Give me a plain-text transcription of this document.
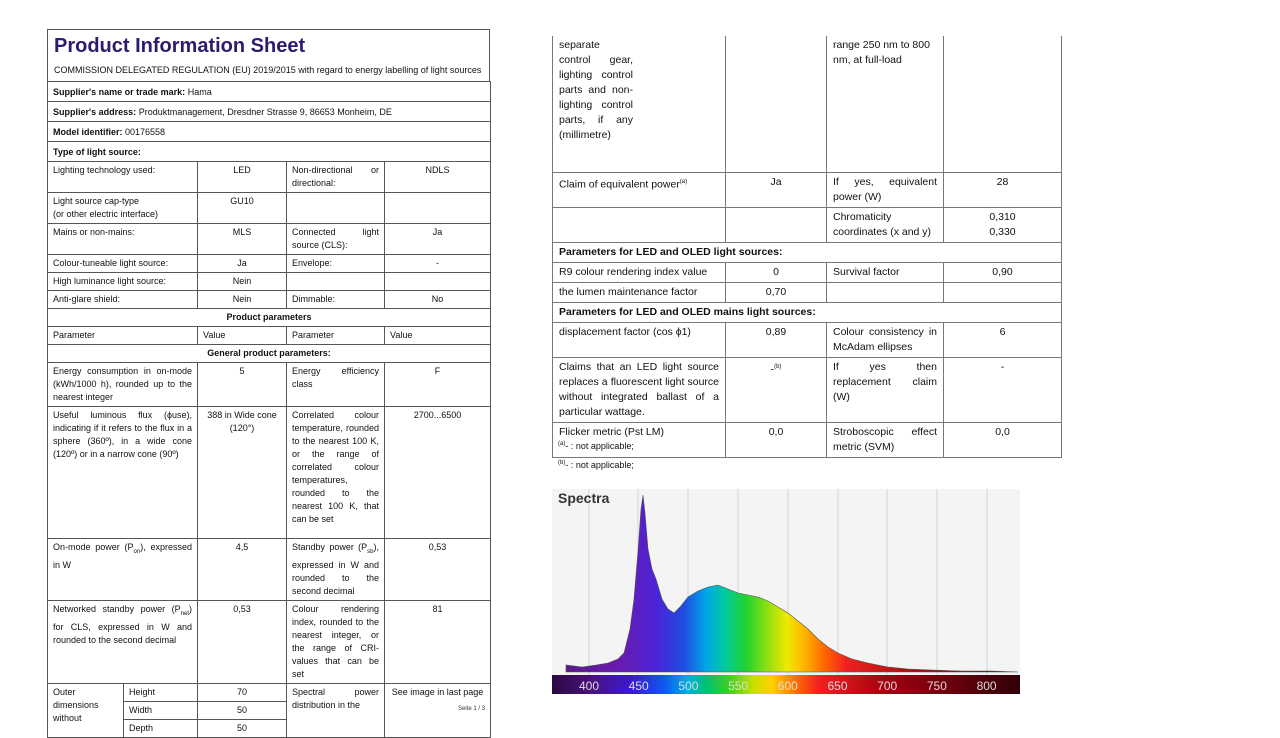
Product Information Sheet
COMMISSION DELEGATED REGULATION (EU) 2019/2015 with regard to energy labelling of light sources
Supplier's name or trade mark: Hama				
Supplier's address: Produktmanagement, Dresdner Strasse 9, 86653 Monheim, DE				
Model identifier: 00176558				
Type of light source:				
Lighting technology used:		LED	Non-directional or directional:	NDLS

Light source cap-type
(or other electric interface)		GU10		
Mains or non-mains:		MLS	Connected light source (CLS):	Ja
Colour-tuneable light source:		Ja	Envelope:	-
High luminance light source:		Nein		
Anti-glare shield:		Nein	Dimmable:	No
Product parameters				
Parameter		Value	Parameter	Value
General product parameters:				
Energy consumption in on-mode (kWh/1000 h), rounded up to the nearest integer		5	Energy efficiency class	F
Useful luminous flux (ϕuse), indicating if it refers to the flux in a sphere (360º), in a wide cone (120º) or in a narrow cone (90º)		388 in Wide cone (120°)	Correlated colour temperature, rounded to the nearest 100 K, or the range of correlated colour temperatures, rounded to the nearest 100 K, that can be set	2700...6500
On-mode power $(P_{on})$, expressed in W		4,5	Standby power $(P_{sb})$, expressed in W and rounded to the second decimal	0,53
Networked standby power $(P_{net})$ for CLS, expressed in W and rounded to the second decimal		0,53	Colour rendering index, rounded to the nearest integer, or the range of CRI-values that can be set	81
Outer dimensions without	Height	70	Spectral power distribution in the	See image in last page
	Width	50		
	Depth	50		
Seite 1 / 3
separate control gear, lighting control parts and non-lighting control parts, if any (millimetre)		range 250 nm to 800 nm, at full-load	
Claim of equivalent power$^{(a)}$	Ja	If yes, equivalent power (W)	28
		Chromaticity coordinates (x and y)	0,310
0,330

Parameters for LED and OLED light sources:			
R9 colour rendering index value	0	Survival factor	0,90
the lumen maintenance factor	0,70		
Parameters for LED and OLED mains light sources:			
displacement factor (cos ϕ1)	0,89	Colour consistency in McAdam ellipses	6
Claims that an LED light source replaces a fluorescent light source without integrated ballast of a particular wattage.	-$^{(b)}$	If yes then replacement claim (W)	-
Flicker metric (Pst LM)	0,0	Stroboscopic effect metric (SVM)	0,0
$^{(a)}$- : not applicable;
$^{(b)}$- : not applicable;
Spectra
400 450 500 550 600 650 700 750 800
